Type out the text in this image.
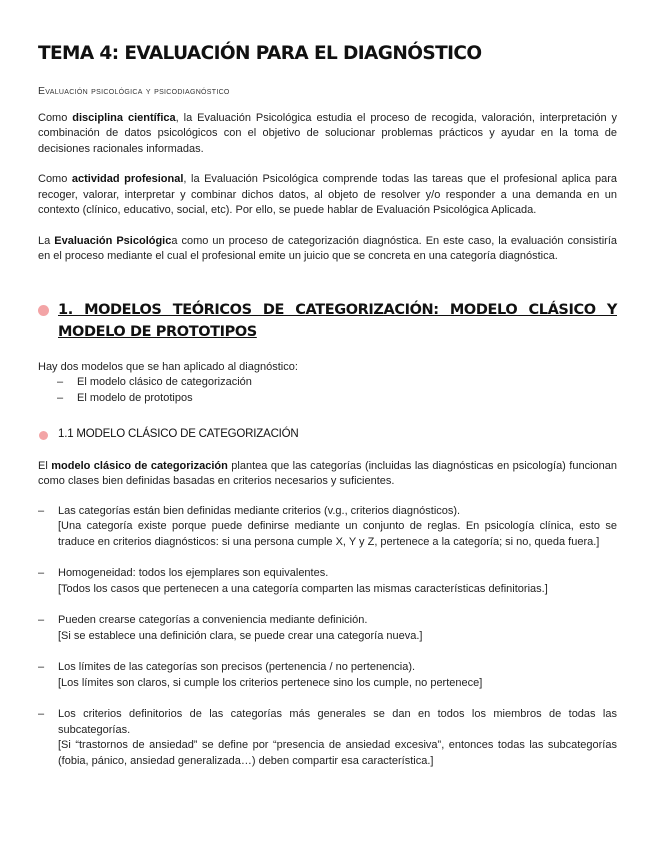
TEMA 4: EVALUACIÓN PARA EL DIAGNÓSTICO
Evaluación psicológica y psicodiagnóstico

Como disciplina científica, la Evaluación Psicológica estudia el proceso de recogida, valoración, interpretación y combinación de datos psicológicos con el objetivo de solucionar problemas prácticos y ayudar en la toma de decisiones racionales informadas.

Como actividad profesional, la Evaluación Psicológica comprende todas las tareas que el profesional aplica para recoger, valorar, interpretar y combinar dichos datos, al objeto de resolver y/o responder a una demanda en un contexto (clínico, educativo, social, etc). Por ello, se puede hablar de Evaluación Psicológica Aplicada.

La Evaluación Psicológica como un proceso de categorización diagnóstica. En este caso, la evaluación consistiría en el proceso mediante el cual el profesional emite un juicio que se concreta en una categoría diagnóstica.

1. MODELOS TEÓRICOS DE CATEGORIZACIÓN: MODELO CLÁSICO Y MODELO DE PROTOTIPOS
Hay dos modelos que se han aplicado al diagnóstico:
– El modelo clásico de categorización
– El modelo de prototipos
1.1 MODELO CLÁSICO DE CATEGORIZACIÓN

El modelo clásico de categorización plantea que las categorías (incluidas las diagnósticas en psicología) funcionan como clases bien definidas basadas en criterios necesarios y suficientes.

– Las categorías están bien definidas mediante criterios (v.g., criterios diagnósticos).
[Una categoría existe porque puede definirse mediante un conjunto de reglas. En psicología clínica, esto se traduce en criterios diagnósticos: si una persona cumple X, Y y Z, pertenece a la categoría; si no, queda fuera.]
– Homogeneidad: todos los ejemplares son equivalentes.
[Todos los casos que pertenecen a una categoría comparten las mismas características definitorias.]
– Pueden crearse categorías a conveniencia mediante definición.
[Si se establece una definición clara, se puede crear una categoría nueva.]
– Los límites de las categorías son precisos (pertenencia / no pertenencia).
[Los límites son claros, si cumple los criterios pertenece sino los cumple, no pertenece]
– Los criterios definitorios de las categorías más generales se dan en todos los miembros de todas las subcategorías.
[Si “trastornos de ansiedad” se define por “presencia de ansiedad excesiva”, entonces todas las subcategorías (fobia, pánico, ansiedad generalizada…) deben compartir esa característica.]
